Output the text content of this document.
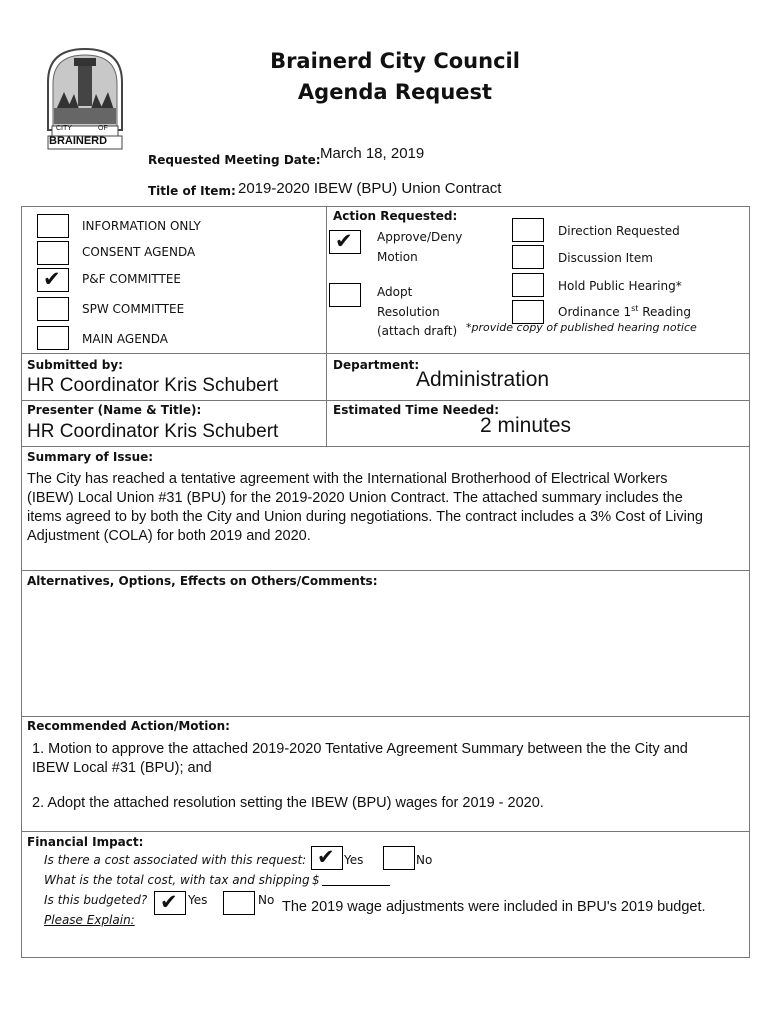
CITY	OF
BRAINERD
Brainerd City Council
Agenda Request
Requested Meeting Date: March 18, 2019
Title of Item: 2019-2020 IBEW (BPU) Union Contract
INFORMATION ONLY
CONSENT AGENDA
✔ P&F COMMITTEE
SPW COMMITTEE
MAIN AGENDA
Action Requested:
✔ Approve/Deny
Motion
Adopt
Resolution
(attach draft)
Direction Requested
Discussion Item
Hold Public Hearing*
Ordinance 1st Reading
*provide copy of published hearing notice
Submitted by:
HR Coordinator Kris Schubert
Department:
Administration
Presenter (Name & Title):
HR Coordinator Kris Schubert
Estimated Time Needed:
2 minutes
Summary of Issue:
The City has reached a tentative agreement with the International Brotherhood of Electrical Workers
(IBEW) Local Union #31 (BPU) for the 2019-2020 Union Contract. The attached summary includes the
items agreed to by both the City and Union during negotiations. The contract includes a 3% Cost of Living
Adjustment (COLA) for both 2019 and 2020.
Alternatives, Options, Effects on Others/Comments:
Recommended Action/Motion:
1. Motion to approve the attached 2019-2020 Tentative Agreement Summary between the the City and
IBEW Local #31 (BPU); and
2. Adopt the attached resolution setting the IBEW (BPU) wages for 2019 - 2020.
Financial Impact:
Is there a cost associated with this request: ✔ Yes	No
What is the total cost, with tax and shipping $
Is this budgeted? ✔ Yes	No The 2019 wage adjustments were included in BPU's 2019 budget.
Please Explain:
